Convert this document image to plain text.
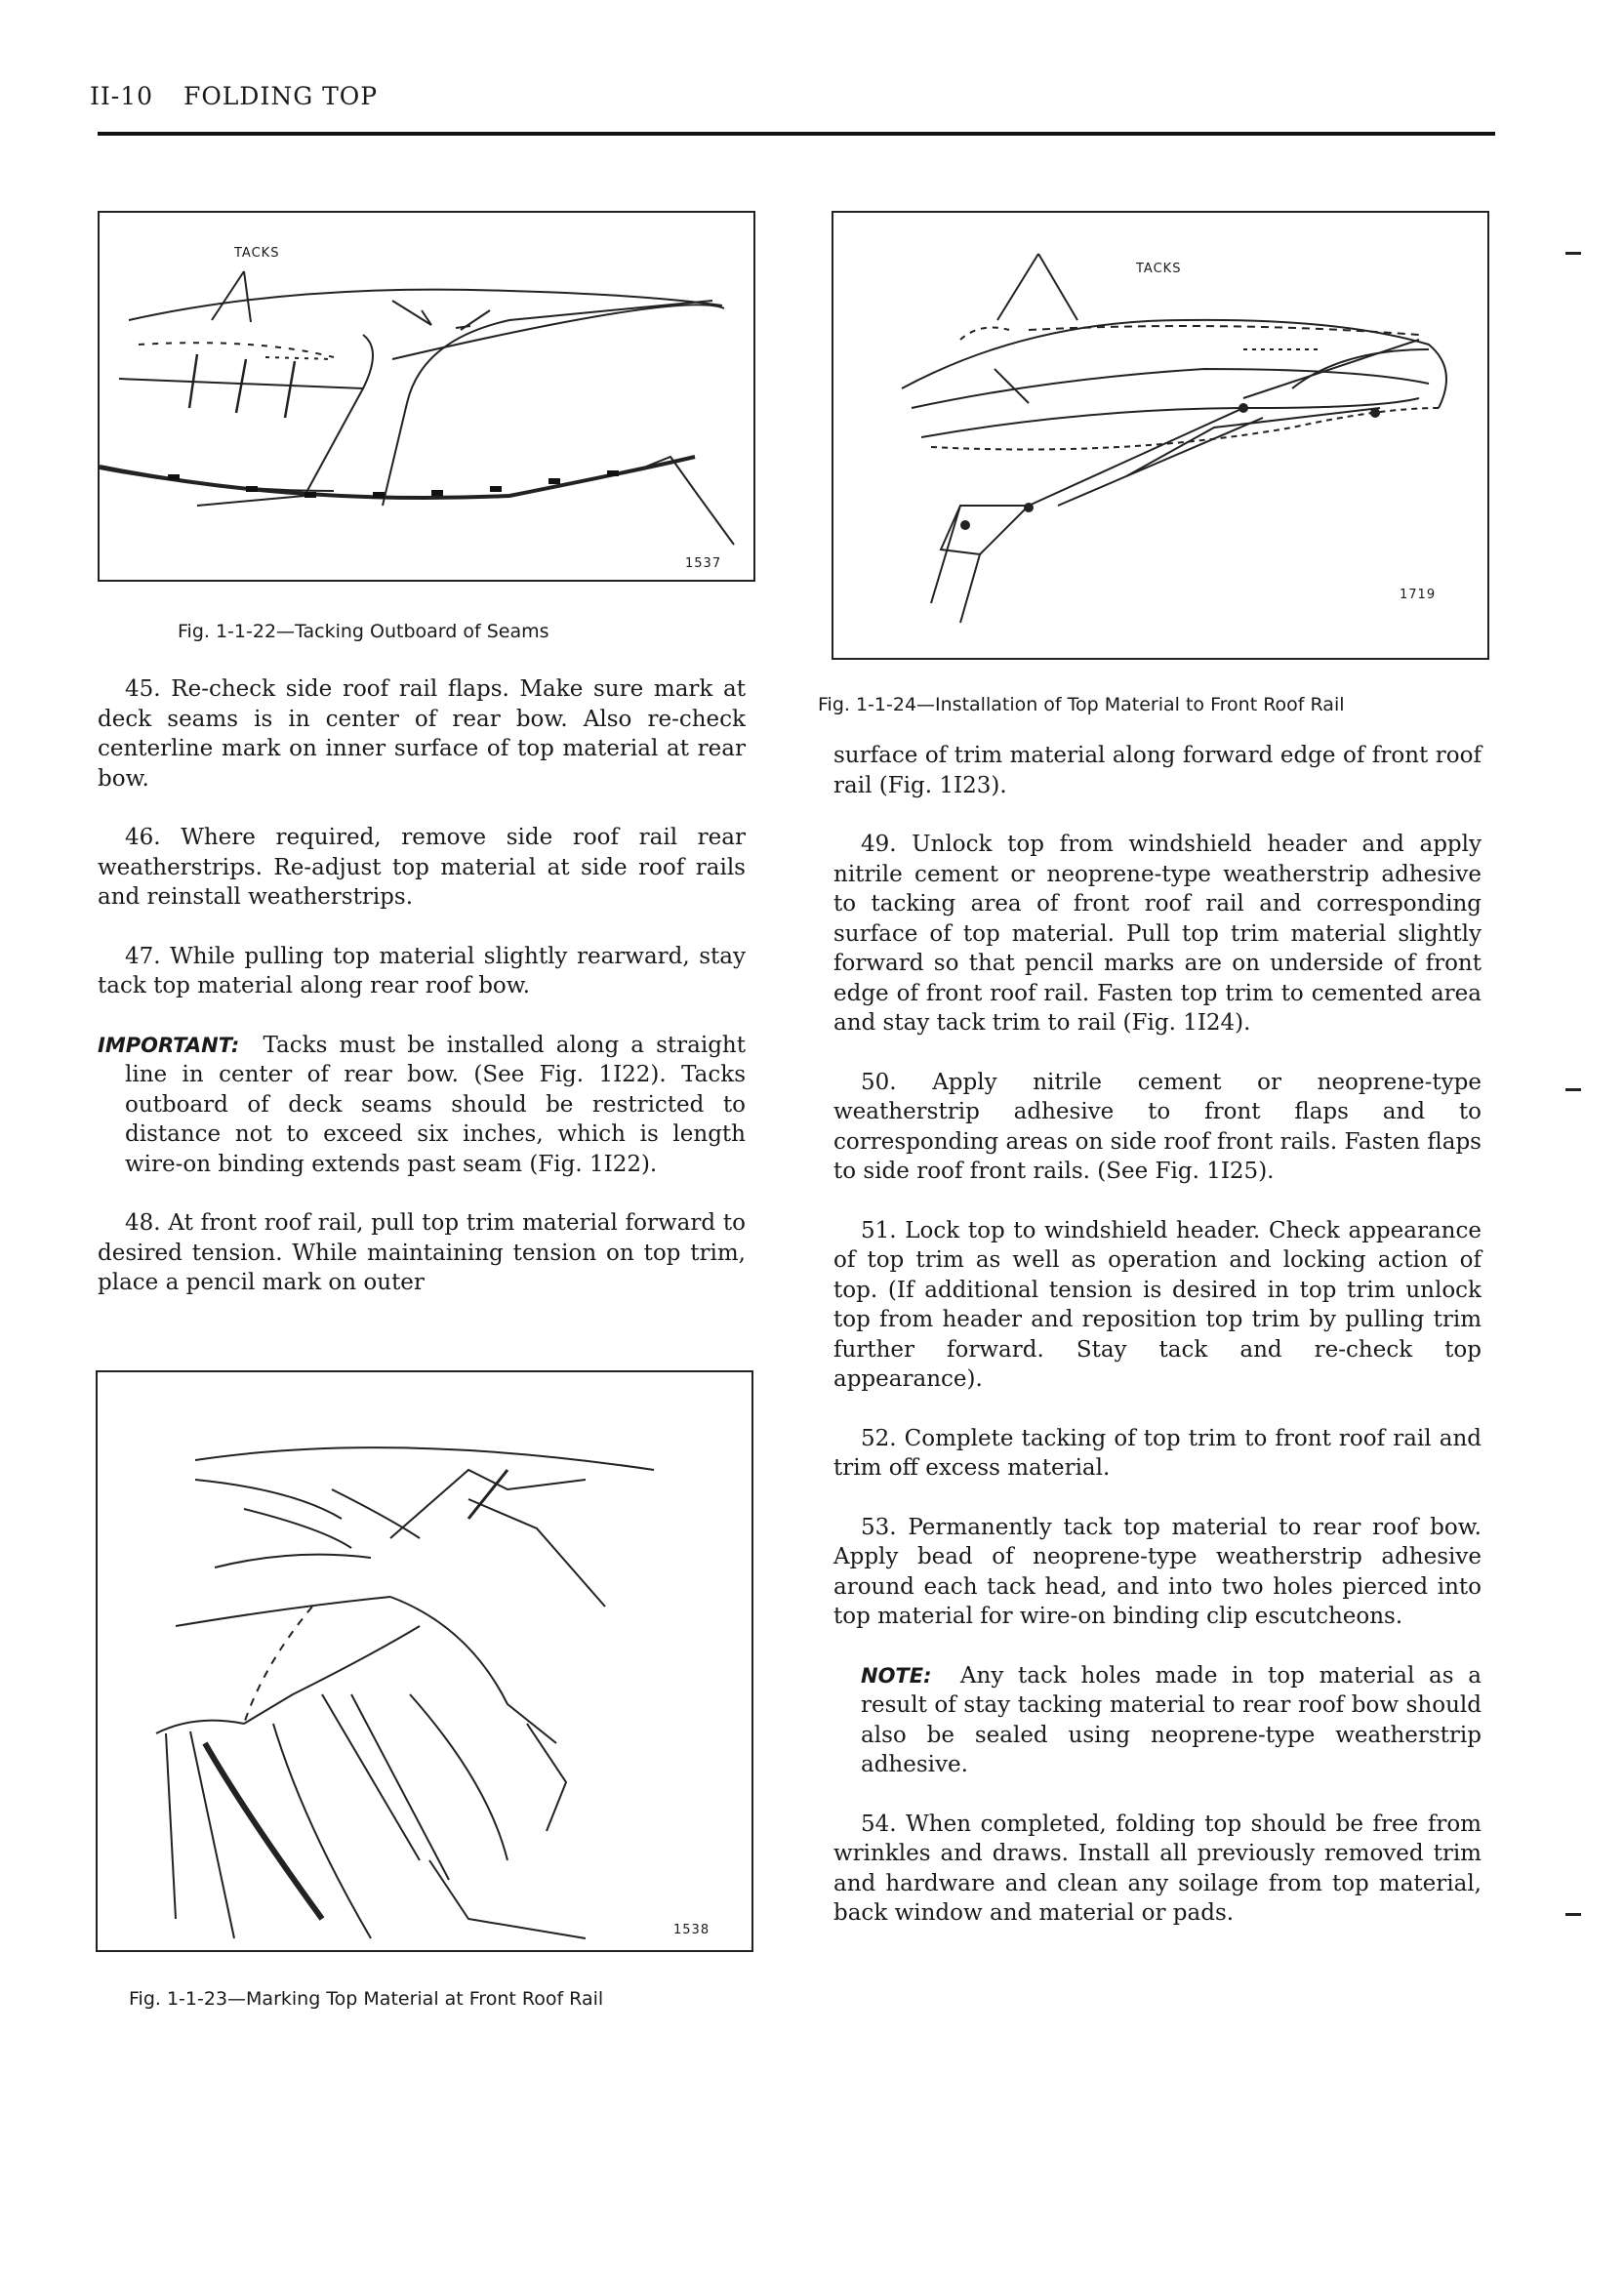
II-10 FOLDING TOP
TACKS
1537
Fig. 1-1-22—Tacking Outboard of Seams
TACKS
1719
Fig. 1-1-24—Installation of Top Material to Front Roof Rail
1538
Fig. 1-1-23—Marking Top Material at Front Roof Rail

45. Re-check side roof rail flaps. Make sure mark at deck seams is in center of rear bow. Also re-check centerline mark on inner surface of top material at rear bow.

46. Where required, remove side roof rail rear weatherstrips. Re-adjust top material at side roof rails and reinstall weatherstrips.

47. While pulling top material slightly rearward, stay tack top material along rear roof bow.

IMPORTANT: Tacks must be installed along a straight line in center of rear bow. (See Fig. 1I22). Tacks outboard of deck seams should be restricted to distance not to exceed six inches, which is length wire-on binding extends past seam (Fig. 1I22).

48. At front roof rail, pull top trim material forward to desired tension. While maintaining tension on top trim, place a pencil mark on outer

surface of trim material along forward edge of front roof rail (Fig. 1I23).

49. Unlock top from windshield header and apply nitrile cement or neoprene-type weatherstrip adhesive to tacking area of front roof rail and corresponding surface of top material. Pull top trim material slightly forward so that pencil marks are on underside of front edge of front roof rail. Fasten top trim to cemented area and stay tack trim to rail (Fig. 1I24).

50. Apply nitrile cement or neoprene-type weatherstrip adhesive to front flaps and to corresponding areas on side roof front rails. Fasten flaps to side roof front rails. (See Fig. 1I25).

51. Lock top to windshield header. Check appearance of top trim as well as operation and locking action of top. (If additional tension is desired in top trim unlock top from header and reposition top trim by pulling trim further forward. Stay tack and re-check top appearance).

52. Complete tacking of top trim to front roof rail and trim off excess material.

53. Permanently tack top material to rear roof bow. Apply bead of neoprene-type weatherstrip adhesive around each tack head, and into two holes pierced into top material for wire-on binding clip escutcheons.

NOTE: Any tack holes made in top material as a result of stay tacking material to rear roof bow should also be sealed using neoprene-type weatherstrip adhesive.

54. When completed, folding top should be free from wrinkles and draws. Install all previously removed trim and hardware and clean any soilage from top material, back window and material or pads.
